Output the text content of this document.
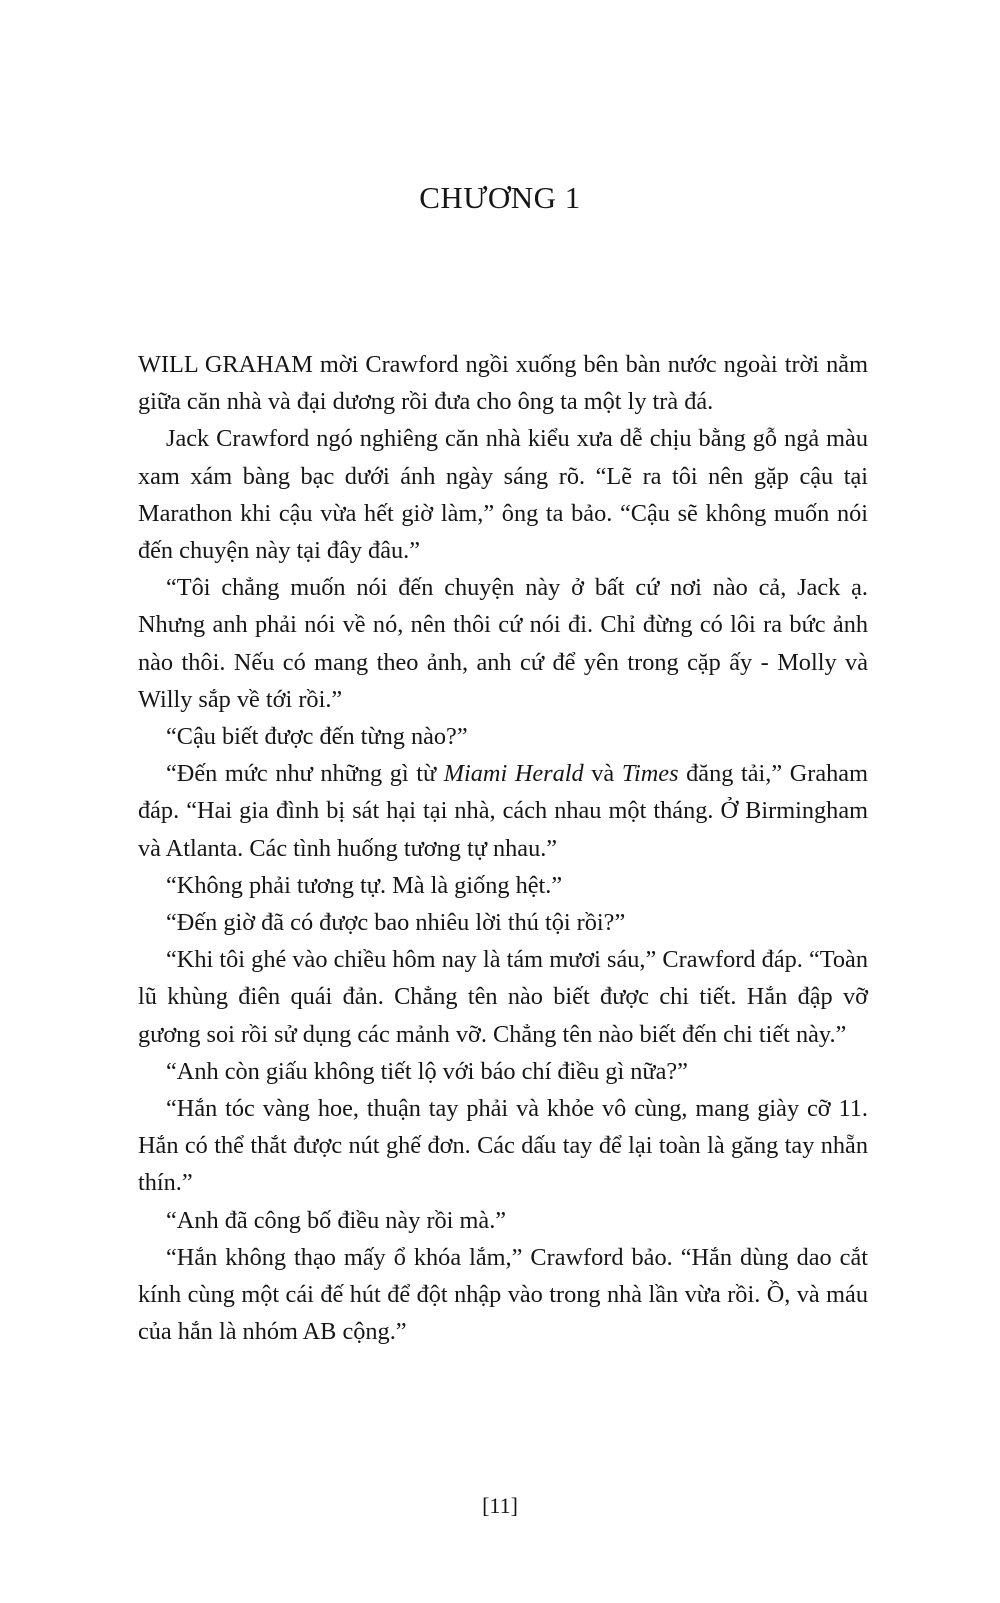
CHƯƠNG 1

WILL GRAHAM mời Crawford ngồi xuống bên bàn nước ngoài trời nằm giữa căn nhà và đại dương rồi đưa cho ông ta một ly trà đá.

Jack Crawford ngó nghiêng căn nhà kiểu xưa dễ chịu bằng gỗ ngả màu xam xám bàng bạc dưới ánh ngày sáng rõ. “Lẽ ra tôi nên gặp cậu tại Marathon khi cậu vừa hết giờ làm,” ông ta bảo. “Cậu sẽ không muốn nói đến chuyện này tại đây đâu.”

“Tôi chẳng muốn nói đến chuyện này ở bất cứ nơi nào cả, Jack ạ. Nhưng anh phải nói về nó, nên thôi cứ nói đi. Chỉ đừng có lôi ra bức ảnh nào thôi. Nếu có mang theo ảnh, anh cứ để yên trong cặp ấy - Molly và Willy sắp về tới rồi.”

“Cậu biết được đến từng nào?”

“Đến mức như những gì từ Miami Herald và Times đăng tải,” Graham đáp. “Hai gia đình bị sát hại tại nhà, cách nhau một tháng. Ở Birmingham và Atlanta. Các tình huống tương tự nhau.”

“Không phải tương tự. Mà là giống hệt.”

“Đến giờ đã có được bao nhiêu lời thú tội rồi?”

“Khi tôi ghé vào chiều hôm nay là tám mươi sáu,” Crawford đáp. “Toàn lũ khùng điên quái đản. Chẳng tên nào biết được chi tiết. Hắn đập vỡ gương soi rồi sử dụng các mảnh vỡ. Chẳng tên nào biết đến chi tiết này.”

“Anh còn giấu không tiết lộ với báo chí điều gì nữa?”

“Hắn tóc vàng hoe, thuận tay phải và khỏe vô cùng, mang giày cỡ 11. Hắn có thể thắt được nút ghế đơn. Các dấu tay để lại toàn là găng tay nhẵn thín.”

“Anh đã công bố điều này rồi mà.”

“Hắn không thạo mấy ổ khóa lắm,” Crawford bảo. “Hắn dùng dao cắt kính cùng một cái đế hút để đột nhập vào trong nhà lần vừa rồi. Ồ, và máu của hắn là nhóm AB cộng.”

[11]
